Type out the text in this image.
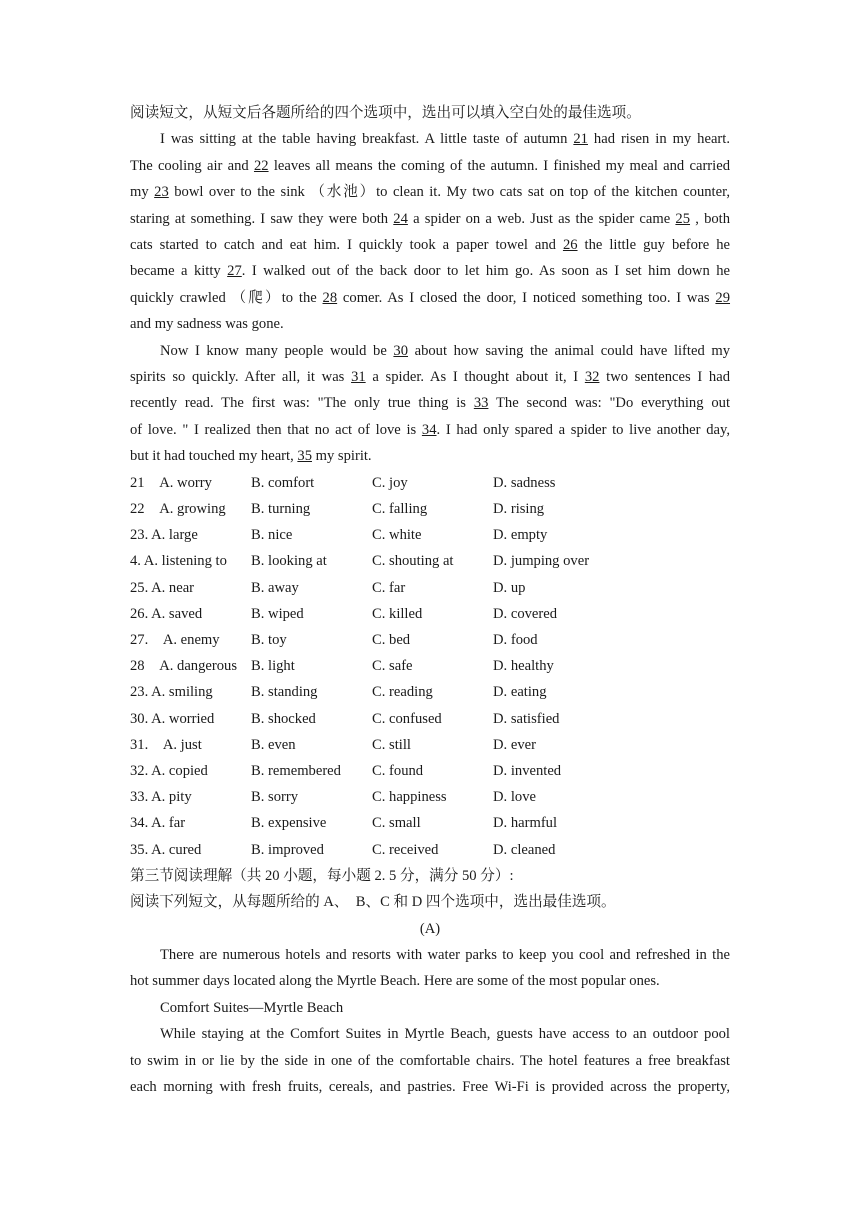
阅读短文，从短文后各题所给的四个选项中，选出可以填入空白处的最佳选项。
I was sitting at the table having breakfast. A little taste of autumn 21 had risen in my heart.
The cooling air and 22 leaves all means the coming of the autumn. I finished my meal and carried
my 23 bowl over to the sink （水池）to clean it. My two cats sat on top of the kitchen counter,
staring at something. I saw they were both 24 a spider on a web. Just as the spider came 25 , both
cats started to catch and eat him. I quickly took a paper towel and 26 the little guy before he
became a kitty 27. I walked out of the back door to let him go. As soon as I set him down he
quickly crawled （爬）to the 28 comer. As I closed the door, I noticed something too. I was 29
and my sadness was gone.
Now I know many people would be 30 about how saving the animal could have lifted my
spirits so quickly. After all, it was 31 a spider. As I thought about it, I 32 two sentences I had
recently read. The first was: "The only true thing is 33 The second was: "Do everything out
of love. " I realized then that no act of love is 34. I had only spared a spider to live another day,
but it had touched my heart, 35 my spirit.
21　A. worry	B. comfort	C. joy	D. sadness
22　A. growing	B. turning	C. falling	D. rising
23. A. large	B. nice	C. white	D. empty
4. A. listening to	B. looking at	C. shouting at	D. jumping over
25. A. near	B. away	C. far	D. up
26. A. saved	B. wiped	C. killed	D. covered
27.　A. enemy	B. toy	C. bed	D. food
28　A. dangerous B. light	C. safe	D. healthy
23. A. smiling	B. standing	C. reading	D. eating
30. A. worried	B. shocked	C. confused	D. satisfied
31.　A. just	B. even	C. still	D. ever
32. A. copied	B. remembered	C. found	D. invented
33. A. pity	B. sorry	C. happiness	D. love
34. A. far	B. expensive	C. small	D. harmful
35. A. cured	B. improved	C. received	D. cleaned
第三节阅读理解（共 20 小题，每小题 2. 5 分，满分 50 分）:
阅读下列短文，从每题所给的 A、　B、C 和 D 四个选项中，选出最佳选项。
(A)
There are numerous hotels and resorts with water parks to keep you cool and refreshed in the
hot summer days located along the Myrtle Beach. Here are some of the most popular ones.
Comfort Suites—Myrtle Beach
While staying at the Comfort Suites in Myrtle Beach, guests have access to an outdoor pool
to swim in or lie by the side in one of the comfortable chairs. The hotel features a free breakfast
each morning with fresh fruits, cereals, and pastries. Free Wi-Fi is provided across the property,
